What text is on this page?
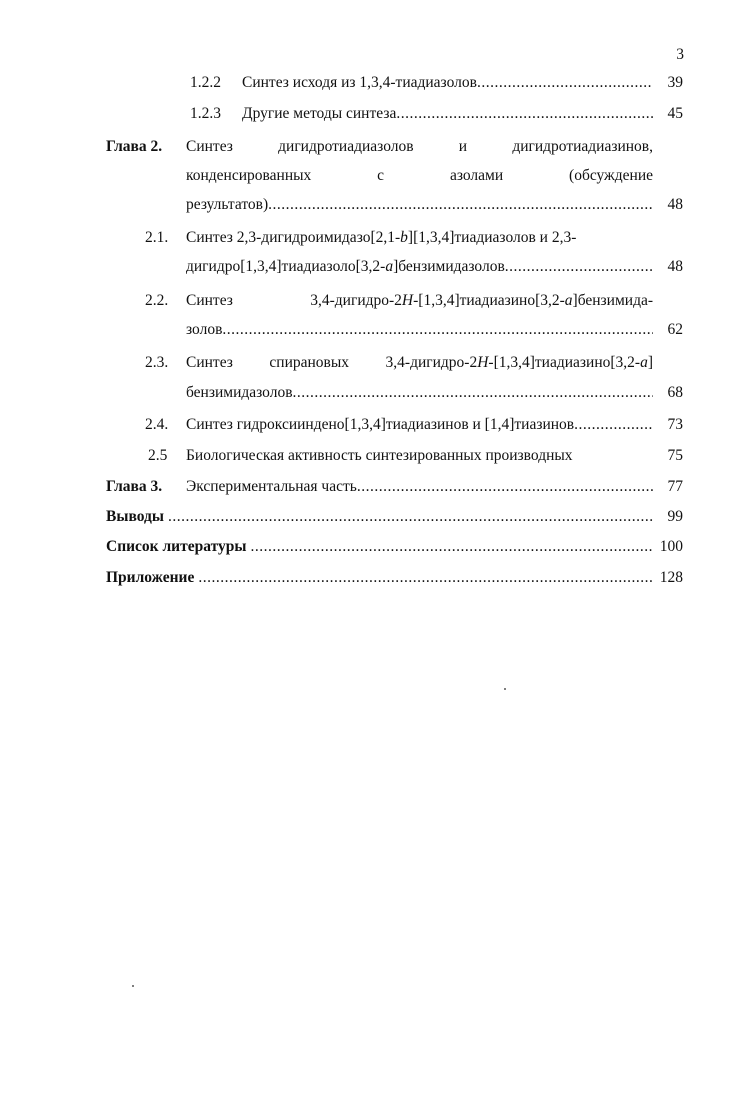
3
1.2.2	Синтез исходя из 1,3,4-тиадиазолов .....	39
1.2.3	Другие методы синтеза .....	45
Глава 2.	Синтез	дигидротиадиазолов	и	дигидротиадиазинов,
конденсированных	с	азолами	(обсуждение
результатов) .....	48
2.1.	Синтез 2,3-дигидроимидазо[2,1- b ][1,3,4]тиадиазолов и 2,3-
дигидро[1,3,4]тиадиазоло[3,2-a]бензимидазолов .....	48
2.2.	Синтез	3,4-дигидро-2H-[1,3,4]тиадиазино[3,2-a]бензимида-
золов .....	62
2.3.	Синтез спирановых 3,4-дигидро-2H-[1,3,4]тиадиазино[3,2-a]
бензимидазолов .....	68
2.4.	Синтез гидроксииндено[1,3,4]тиадиазинов и [1,4]тиазинов .....	73
2.5	Биологическая активность синтезированных производных	75
Глава 3.	Экспериментальная часть .....	77
Выводы .....	99
Список литературы .....	100
Приложение .....	128
